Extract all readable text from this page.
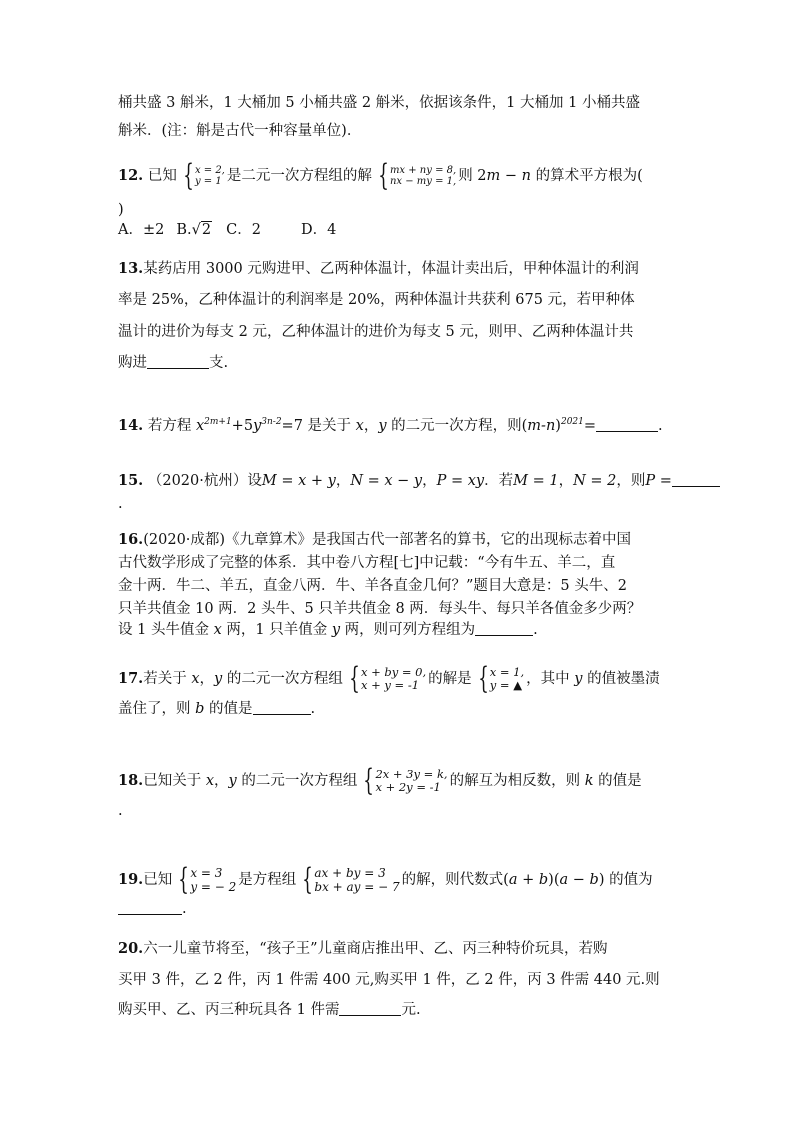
桶共盛 3 斛米，1 大桶加 5 小桶共盛 2 斛米，依据该条件，1 大桶加 1 小桶共盛
斛米．(注：斛是古代一种容量单位)．
12. 已知 { x = 2,
y = 1 是二元一次方程组的解 { mx + ny = 8,
nx − my = 1, 则 2m − n 的算术平方根为(
)
A．±2 B.√2 C．2	D．4
13.某药店用 3000 元购进甲、乙两种体温计，体温计卖出后，甲种体温计的利润
率是 25%，乙种体温计的利润率是 20%，两种体温计共获利 675 元，若甲种体
温计的进价为每支 2 元，乙种体温计的进价为每支 5 元，则甲、乙两种体温计共
购进	支.
14. 若方程 $x^{2m+1}+5y^{3n-2}=7$ 是关于 x，y 的二元一次方程，则$(m-n)^{2021}=$	.
15. （2020·杭州）设M = x + y，N = x − y，P = xy．若M = 1，N = 2，则P =
.
16.(2020·成都)《九章算术》是我国古代一部著名的算书，它的出现标志着中国
古代数学形成了完整的体系．其中卷八方程[七]中记载：“今有牛五、羊二，直
金十两．牛二、羊五，直金八两．牛、羊各直金几何？”题目大意是：5 头牛、2
只羊共值金 10 两．2 头牛、5 只羊共值金 8 两．每头牛、每只羊各值金多少两？
设 1 头牛值金 x 两，1 只羊值金 y 两，则可列方程组为	.
17.若关于 x，y 的二元一次方程组 { x + by = 0,
x + y = -1 的解是 { x = 1,
y = ▲ ，其中 y 的值被墨渍
盖住了，则 b 的值是	.
18.已知关于 x，y 的二元一次方程组 { 2x + 3y = k,
x + 2y = -1 的解互为相反数，则 k 的值是
.
19.已知 { x = 3
y = − 2 是方程组 { ax + by = 3
bx + ay = − 7 的解，则代数式(a + b)(a − b) 的值为
.
20.六一儿童节将至，“孩子王”儿童商店推出甲、乙、丙三种特价玩具，若购
买甲 3 件，乙 2 件，丙 1 件需 400 元,购买甲 1 件，乙 2 件，丙 3 件需 440 元.则
购买甲、乙、丙三种玩具各 1 件需	元.
